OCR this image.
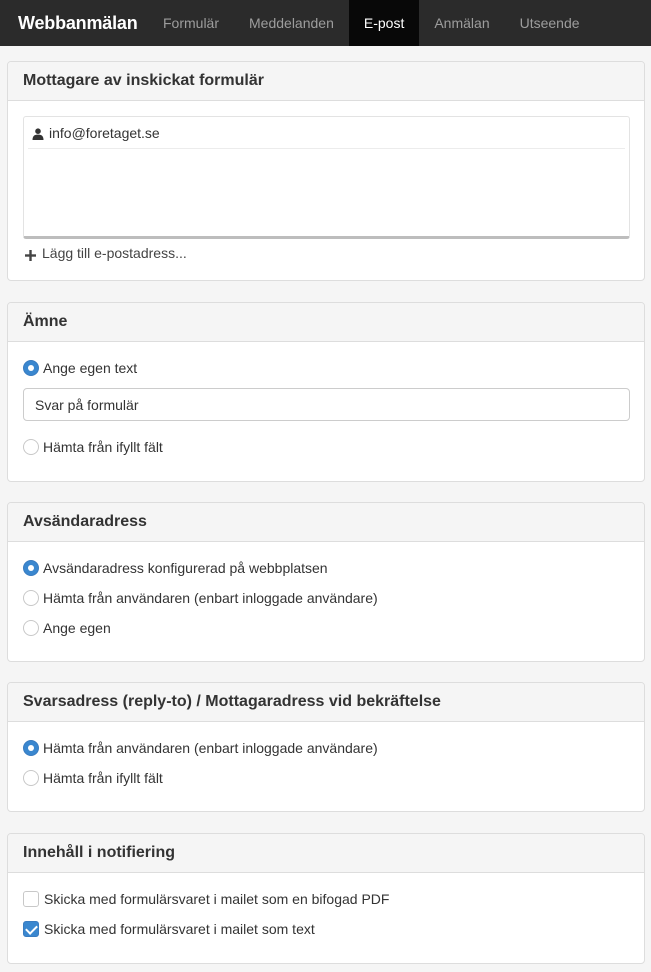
Webbanmälan	Formulär	Meddelanden	E-post	Anmälan	Utseende
Mottagare av inskickat formulär
info@foretaget.se
Lägg till e-postadress...
Ämne
Ange egen text
Svar på formulär
Hämta från ifyllt fält
Avsändaradress
Avsändaradress konfigurerad på webbplatsen
Hämta från användaren (enbart inloggade användare)
Ange egen
Svarsadress (reply-to) / Mottagaradress vid bekräftelse
Hämta från användaren (enbart inloggade användare)
Hämta från ifyllt fält
Innehåll i notifiering
Skicka med formulärsvaret i mailet som en bifogad PDF
Skicka med formulärsvaret i mailet som text
